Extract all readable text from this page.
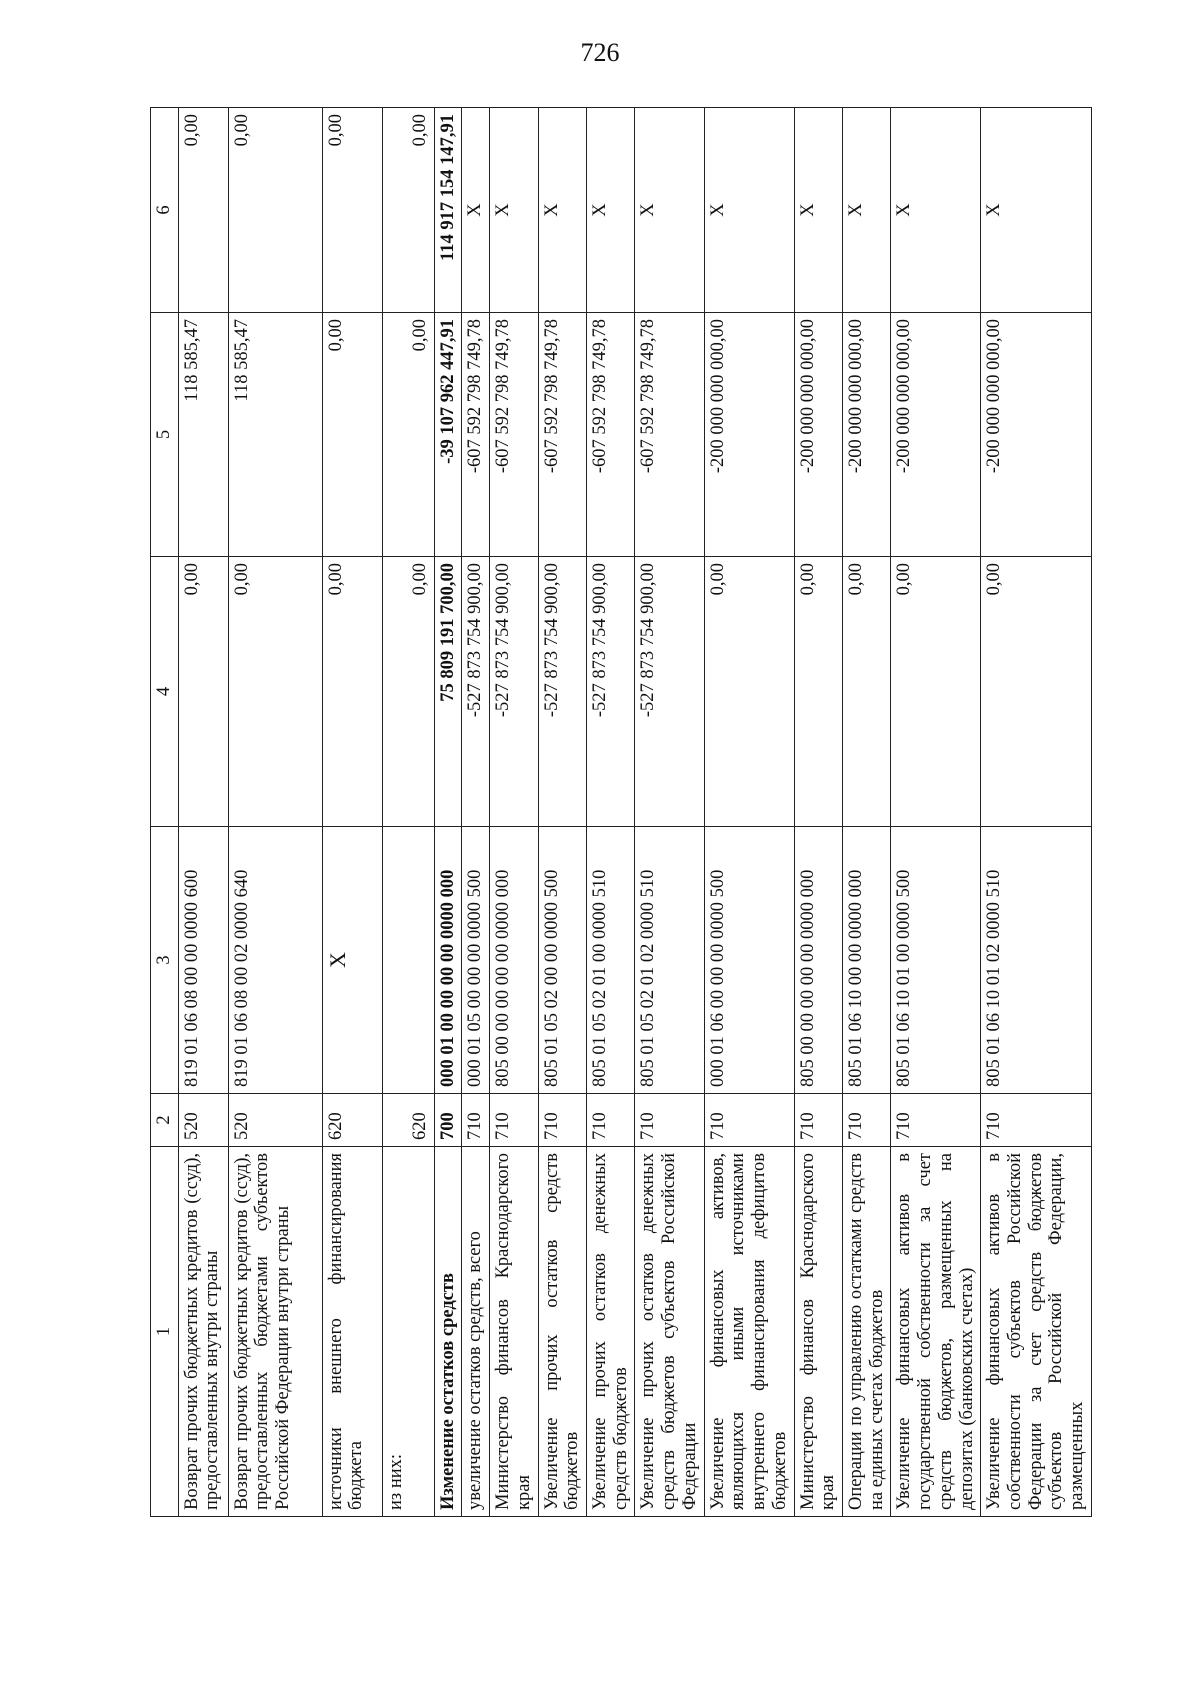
726
1	2	3	4	5	6
Возврат прочих бюджетных кредитов (ссуд), предоставленных внутри страны	520	819 01 06 08 00 00 0000 600	0,00	118 585,47	0,00
Возврат прочих бюджетных кредитов (ссуд), предоставленных бюджетами субъектов Российской Федерации внутри страны	520	819 01 06 08 00 02 0000 640	0,00	118 585,47	0,00
источники внешнего финансирования бюджета	620	X	0,00	0,00	0,00
из них:	620		0,00	0,00	0,00
Изменение остатков средств	700	000 01 00 00 00 00 0000 000	75 809 191 700,00	-39 107 962 447,91	114 917 154 147,91
увеличение остатков средств, всего	710	000 01 05 00 00 00 0000 500	-527 873 754 900,00	-607 592 798 749,78	X
Министерство финансов Краснодарского края	710	805 00 00 00 00 00 0000 000	-527 873 754 900,00	-607 592 798 749,78	X
Увеличение прочих остатков средств бюджетов	710	805 01 05 02 00 00 0000 500	-527 873 754 900,00	-607 592 798 749,78	X
Увеличение прочих остатков денежных средств бюджетов	710	805 01 05 02 01 00 0000 510	-527 873 754 900,00	-607 592 798 749,78	X
Увеличение прочих остатков денежных средств бюджетов субъектов Российской Федерации	710	805 01 05 02 01 02 0000 510	-527 873 754 900,00	-607 592 798 749,78	X
Увеличение финансовых активов, являющихся иными источниками внутреннего финансирования дефицитов бюджетов	710	000 01 06 00 00 00 0000 500	0,00	-200 000 000 000,00	X
Министерство финансов Краснодарского края	710	805 00 00 00 00 00 0000 000	0,00	-200 000 000 000,00	X
Операции по управлению остатками средств на единых счетах бюджетов	710	805 01 06 10 00 00 0000 000	0,00	-200 000 000 000,00	X
Увеличение финансовых активов в государственной собственности за счет средств бюджетов, размещенных на депозитах (банковских счетах)	710	805 01 06 10 01 00 0000 500	0,00	-200 000 000 000,00	X
Увеличение финансовых активов в собственности субъектов Российской Федерации за счет средств бюджетов субъектов Российской Федерации, размещенных	710	805 01 06 10 01 02 0000 510	0,00	-200 000 000 000,00	X
